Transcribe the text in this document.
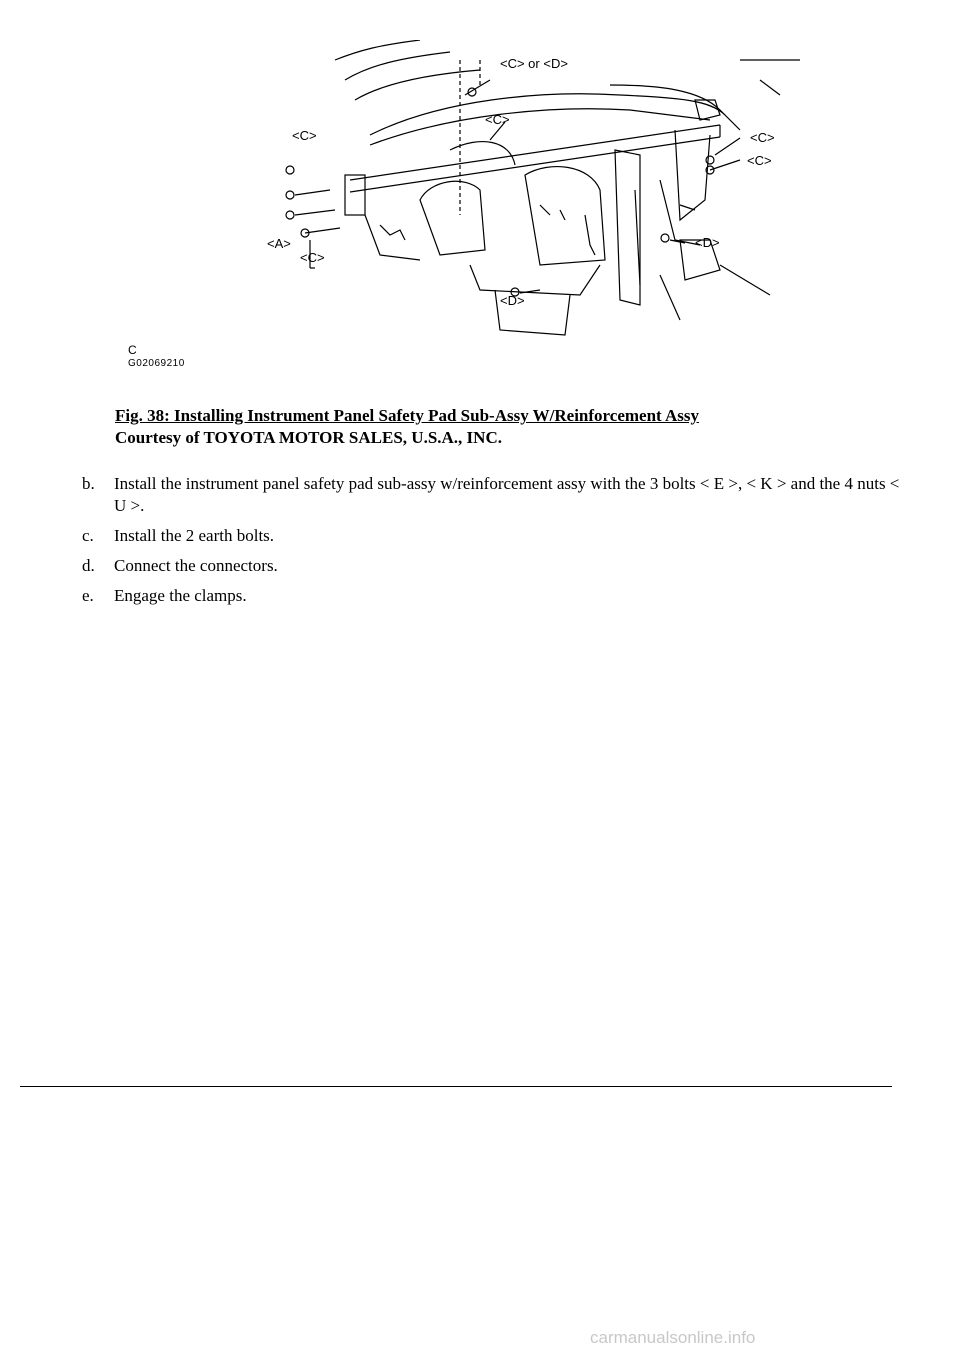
<C> or <D>
<C>
<C>
<A>
<C>
<C>
<C>
<D>
<D>
C
G02069210
Fig. 38: Installing Instrument Panel Safety Pad Sub-Assy W/Reinforcement Assy
Courtesy of TOYOTA MOTOR SALES, U.S.A., INC.
b.	Install the instrument panel safety pad sub-assy w/reinforcement assy with the 3 bolts < E >, < K > and the 4 nuts < U >.
c.	Install the 2 earth bolts.
d.	Connect the connectors.
e.	Engage the clamps.
carmanualsonline.info
